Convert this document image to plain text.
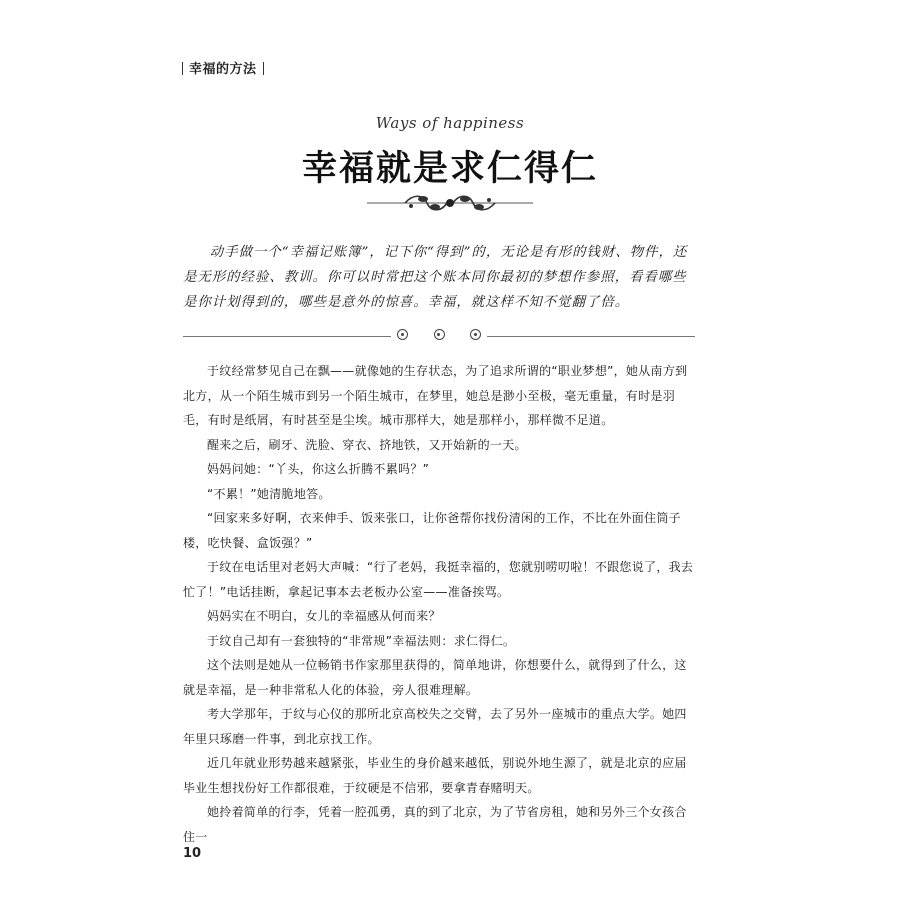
幸福的方法
Ways of happiness
幸福就是求仁得仁

动手做一个“幸福记账簿”，记下你“得到”的，无论是有形的钱财、物件，还是无形的经验、教训。你可以时常把这个账本同你最初的梦想作参照，看看哪些是你计划得到的，哪些是意外的惊喜。幸福，就这样不知不觉翻了倍。

于纹经常梦见自己在飘——就像她的生存状态，为了追求所谓的“职业梦想”，她从南方到北方，从一个陌生城市到另一个陌生城市，在梦里，她总是渺小至极，毫无重量，有时是羽毛，有时是纸屑，有时甚至是尘埃。城市那样大，她是那样小，那样微不足道。

醒来之后，刷牙、洗脸、穿衣、挤地铁，又开始新的一天。

妈妈问她：“丫头，你这么折腾不累吗？”

“不累！”她清脆地答。

“回家来多好啊，衣来伸手、饭来张口，让你爸帮你找份清闲的工作，不比在外面住筒子楼，吃快餐、盒饭强？”

于纹在电话里对老妈大声喊：“行了老妈，我挺幸福的，您就别唠叨啦！不跟您说了，我去忙了！”电话挂断，拿起记事本去老板办公室——准备挨骂。

妈妈实在不明白，女儿的幸福感从何而来？

于纹自己却有一套独特的“非常规”幸福法则：求仁得仁。

这个法则是她从一位畅销书作家那里获得的，简单地讲，你想要什么，就得到了什么，这就是幸福，是一种非常私人化的体验，旁人很难理解。

考大学那年，于纹与心仪的那所北京高校失之交臂，去了另外一座城市的重点大学。她四年里只琢磨一件事，到北京找工作。

近几年就业形势越来越紧张，毕业生的身价越来越低，别说外地生源了，就是北京的应届毕业生想找份好工作都很难，于纹硬是不信邪，要拿青春赌明天。

她拎着简单的行李，凭着一腔孤勇，真的到了北京，为了节省房租，她和另外三个女孩合住一

10
